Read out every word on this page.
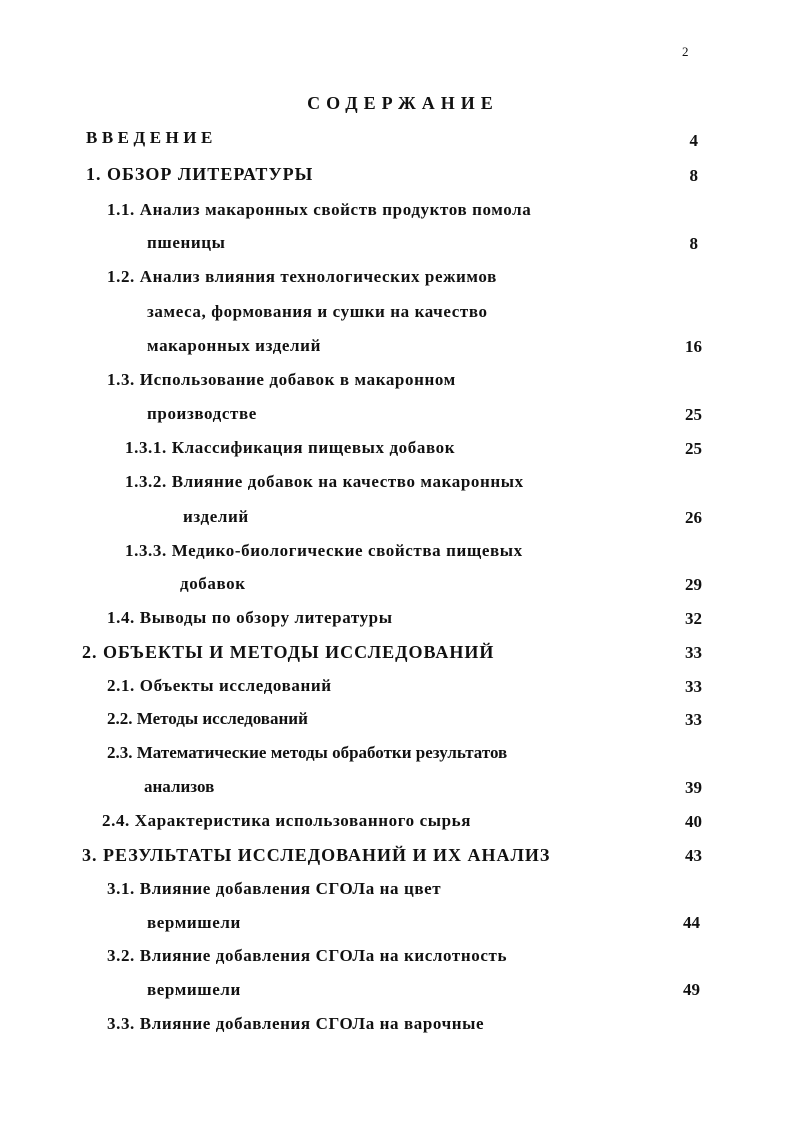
2
СОДЕРЖАНИЕ
ВВЕДЕНИЕ	4
1. ОБЗОР ЛИТЕРАТУРЫ	8
1.1. Анализ макаронных свойств продуктов помола
пшеницы	8
1.2. Анализ влияния технологических режимов
замеса, формования и сушки на качество
макаронных изделий	16
1.3. Использование добавок в макаронном
производстве	25
1.3.1. Классификация пищевых добавок	25
1.3.2. Влияние добавок на качество макаронных
изделий	26
1.3.3. Медико-биологические свойства пищевых
добавок	29
1.4. Выводы по обзору литературы	32
2. ОБЪЕКТЫ И МЕТОДЫ ИССЛЕДОВАНИЙ	33
2.1. Объекты исследований	33
2.2. Методы исследований	33
2.3. Математические методы обработки результатов
анализов	39
2.4. Характеристика использованного сырья	40
3. РЕЗУЛЬТАТЫ ИССЛЕДОВАНИЙ И ИХ АНАЛИЗ	43
3.1. Влияние добавления СГОЛа на цвет
вермишели	44
3.2. Влияние добавления СГОЛа на кислотность
вермишели	49
3.3. Влияние добавления СГОЛа на варочные
